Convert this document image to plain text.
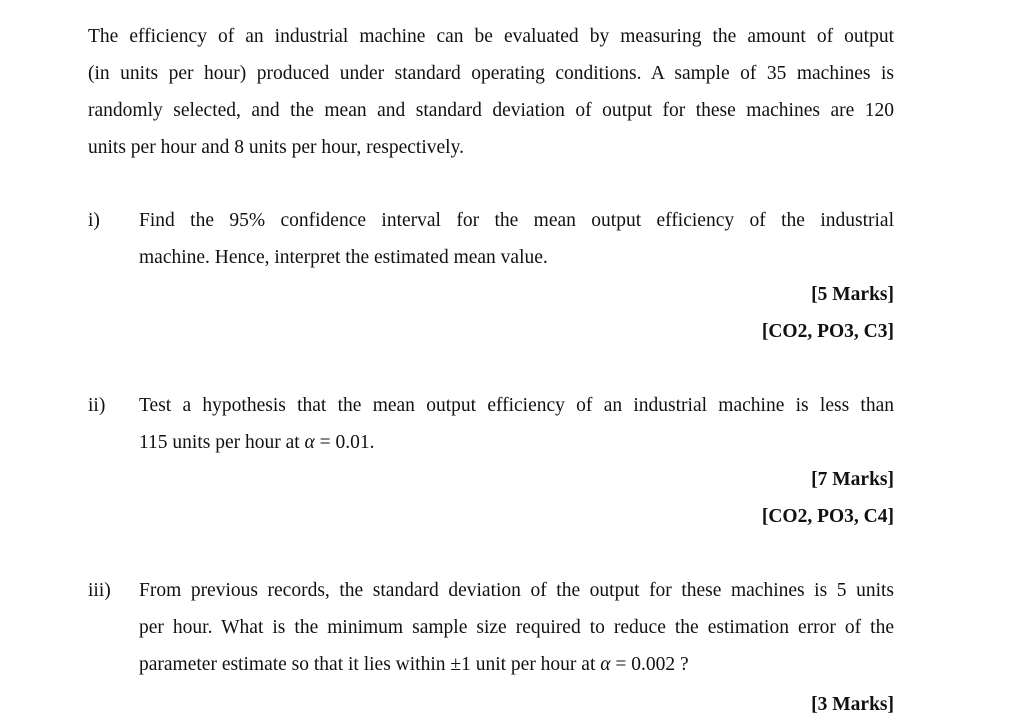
The efficiency of an industrial machine can be evaluated by measuring the amount of output
(in units per hour) produced under standard operating conditions. A sample of 35 machines is
randomly selected, and the mean and standard deviation of output for these machines are 120
units per hour and 8 units per hour, respectively.

i) Find the 95% confidence interval for the mean output efficiency of the industrial
machine. Hence, interpret the estimated mean value.

[5 Marks]
[CO2, PO3, C3]
ii) Test a hypothesis that the mean output efficiency of an industrial machine is less than
115 units per hour at α = 0.01.

[7 Marks]
[CO2, PO3, C4]
iii) From previous records, the standard deviation of the output for these machines is 5 units
per hour. What is the minimum sample size required to reduce the estimation error of the
parameter estimate so that it lies within ±1 unit per hour at α = 0.002 ?

[3 Marks]
